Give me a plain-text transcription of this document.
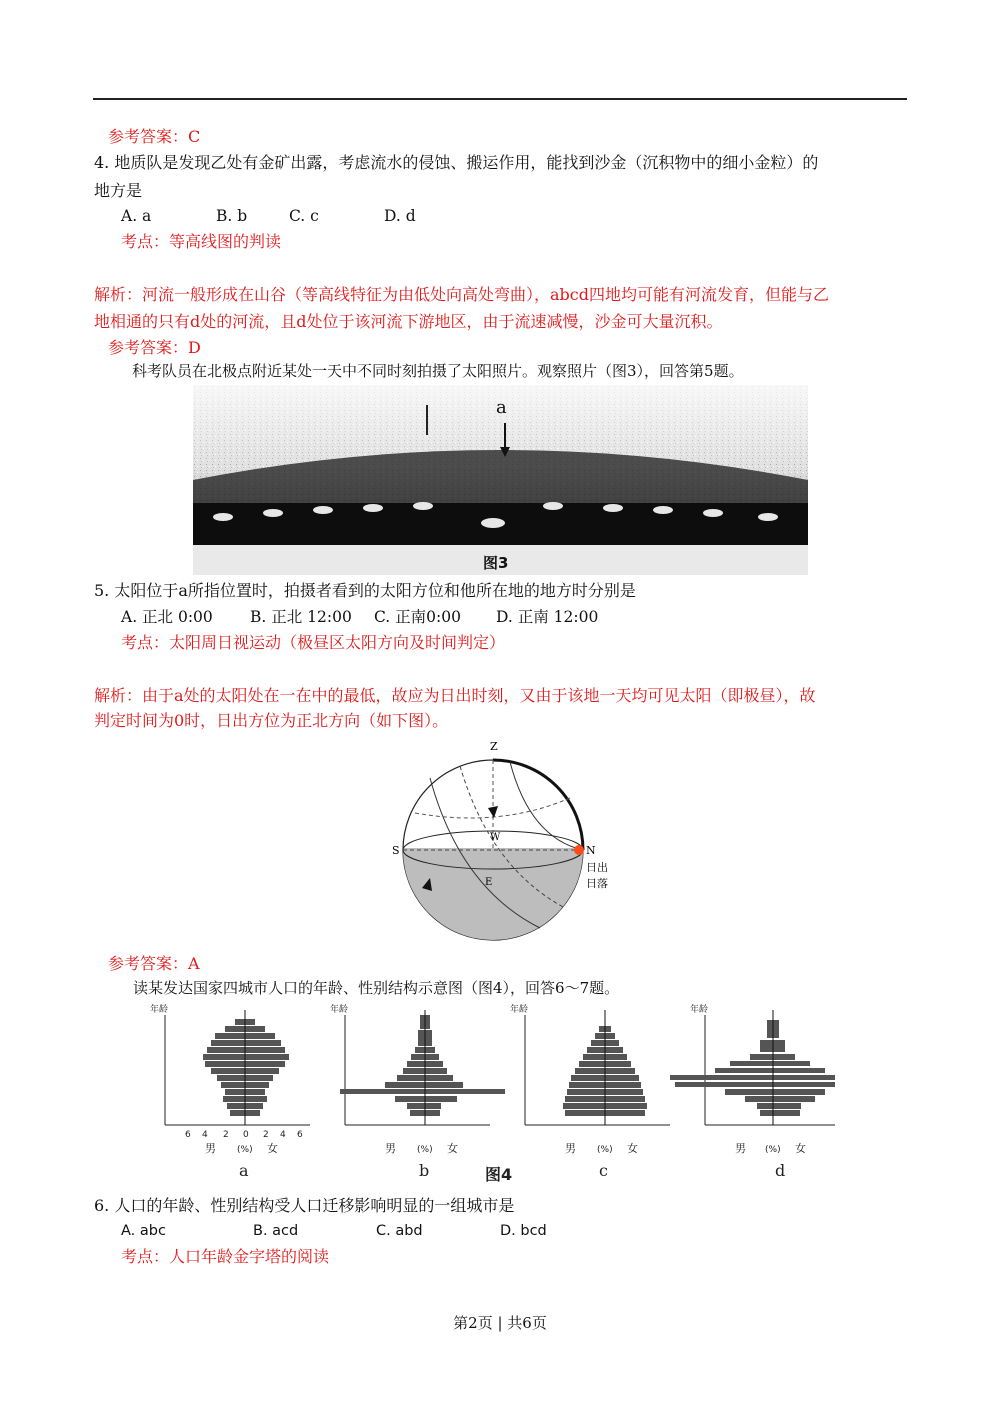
参考答案：C
4. 地质队是发现乙处有金矿出露，考虑流水的侵蚀、搬运作用，能找到沙金（沉积物中的细小金粒）的
地方是
A. a	B. b	C. c	D. d
考点：等高线图的判读
解析：河流一般形成在山谷（等高线特征为由低处向高处弯曲），abcd四地均可能有河流发育，但能与乙
地相通的只有d处的河流，且d处位于该河流下游地区，由于流速减慢，沙金可大量沉积。
参考答案：D
科考队员在北极点附近某处一天中不同时刻拍摄了太阳照片。观察照片（图3），回答第5题。
a
图3
5. 太阳位于a所指位置时，拍摄者看到的太阳方位和他所在地的地方时分别是
A. 正北 0:00 B. 正北 12:00 C. 正南0:00 D. 正南 12:00
考点：太阳周日视运动（极昼区太阳方向及时间判定）
解析：由于a处的太阳处在一在中的最低，故应为日出时刻，又由于该地一天均可见太阳（即极昼），故
判定时间为0时，日出方位为正北方向（如下图）。
Z
S	N
W
E
日出
日落
参考答案：A
读某发达国家四城市人口的年龄、性别结构示意图（图4），回答6～7题。
年龄
6 4 2 0 2 4 6
男 (%) 女
a
年龄
男 (%) 女
b
年龄
男 (%) 女
c
年龄
男 (%) 女
d
图4
6. 人口的年龄、性别结构受人口迁移影响明显的一组城市是
A. abc	B. acd	C. abd	D. bcd
考点：人口年龄金字塔的阅读
第2页 | 共6页
